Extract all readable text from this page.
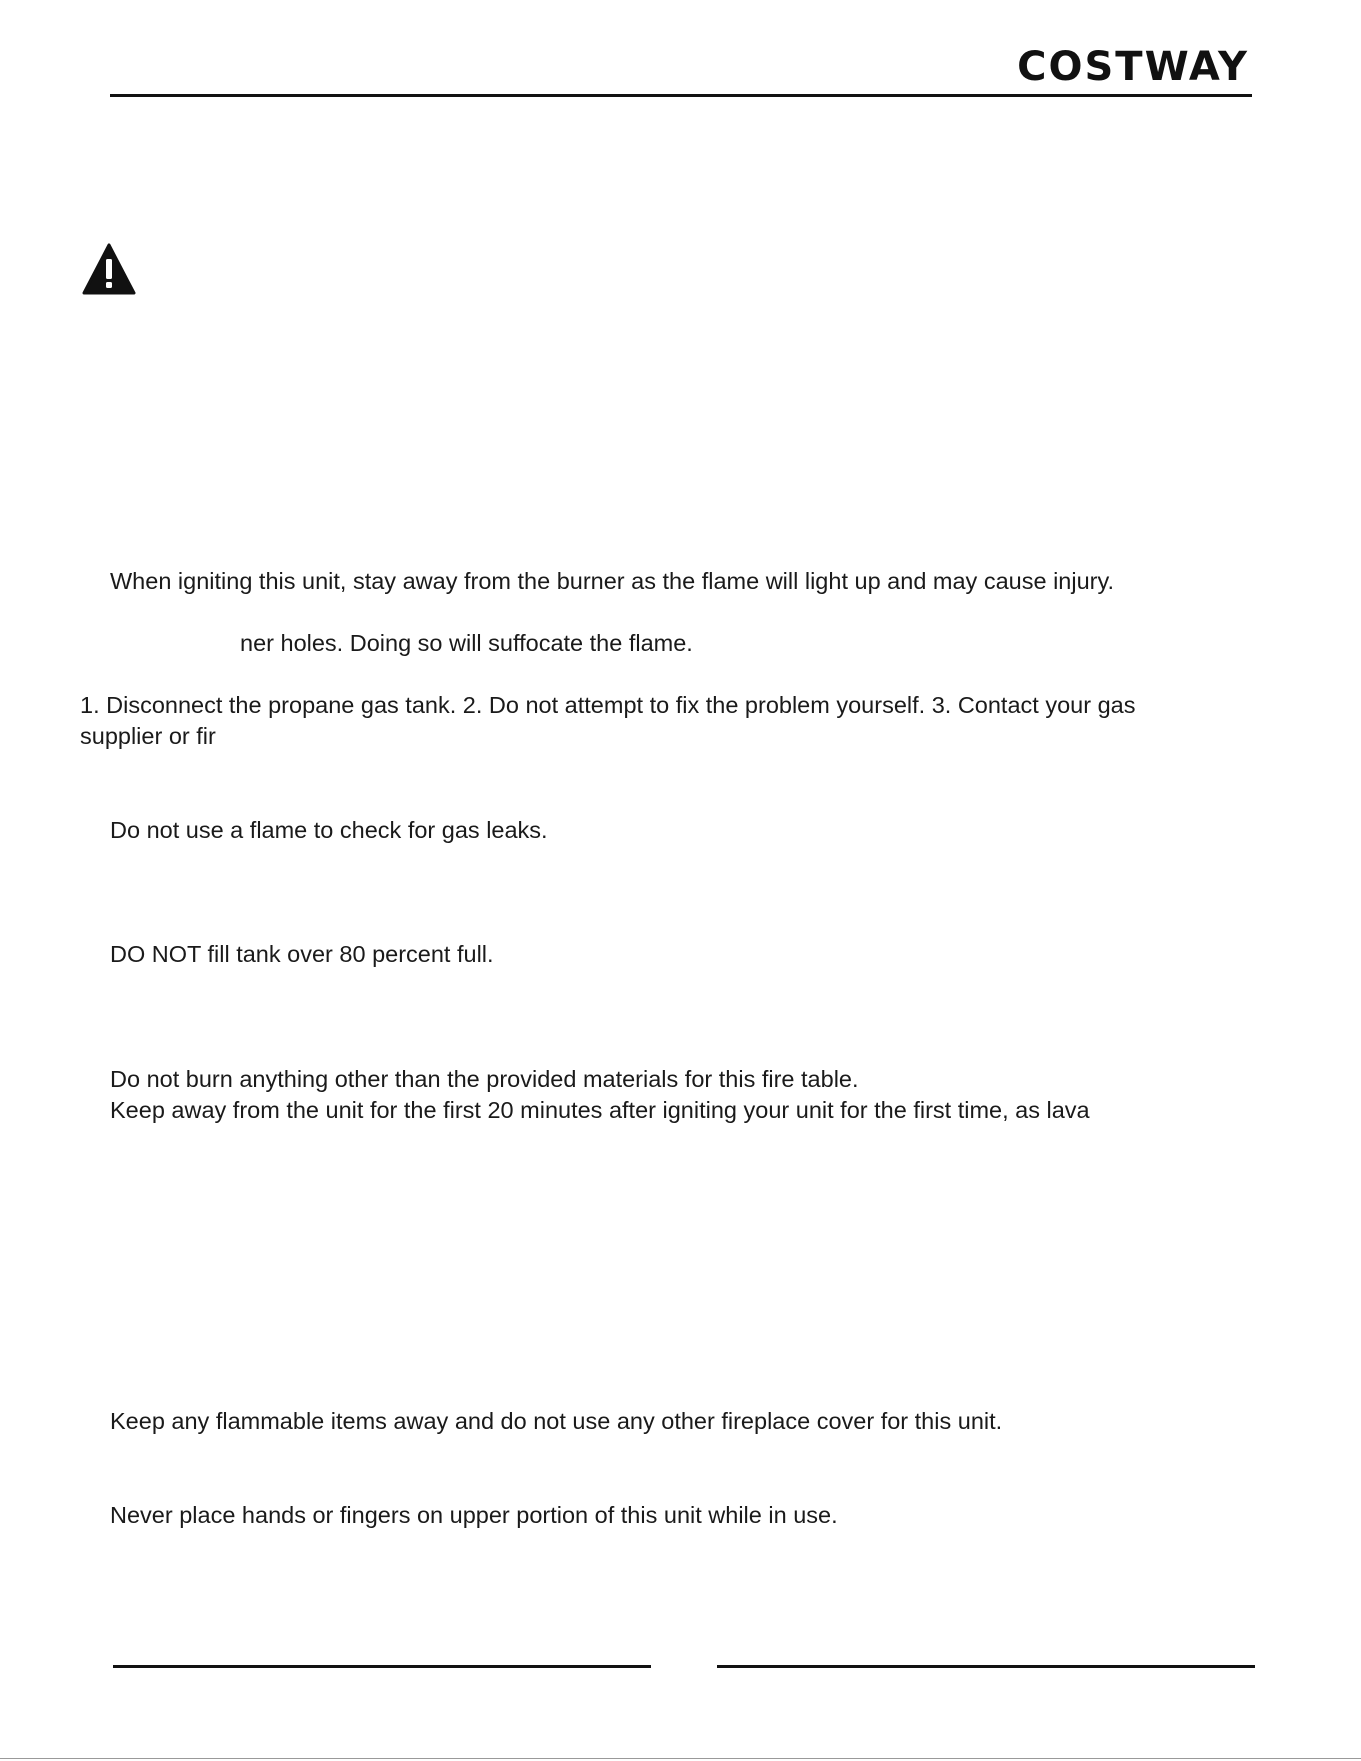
COSTWAY
When igniting this unit, stay away from the burner as the flame will light up and may cause injury.
ner holes. Doing so will suffocate the flame.
1. Disconnect the propane gas tank. 2. Do not attempt to fix the problem yourself. 3. Contact your gas
supplier or fir
Do not use a flame to check for gas leaks.
DO NOT fill tank over 80 percent full.
Do not burn anything other than the provided materials for this fire table.
Keep away from the unit for the first 20 minutes after igniting your unit for the first time, as lava
Keep any flammable items away and do not use any other fireplace cover for this unit.
Never place hands or fingers on upper portion of this unit while in use.
